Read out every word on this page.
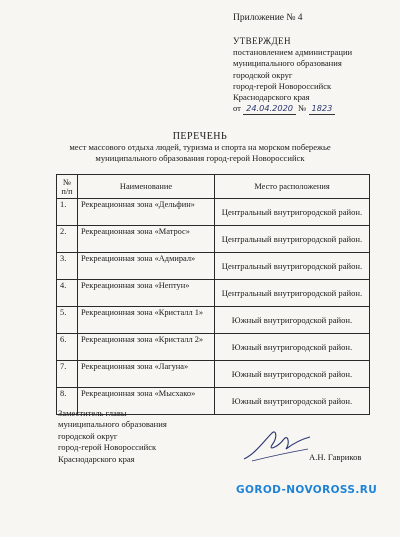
Приложение № 4
УТВЕРЖДЕН
постановлением администрации
муниципального образования
городской округ
город-герой Новороссийск
Краснодарского края
от 24.04.2020 № 1823
ПЕРЕЧЕНЬ
мест массового отдыха людей, туризма и спорта на морском побережье
муниципального образования город-герой Новороссийск
№
п/п	Наименование	Место расположения
1.	Рекреационная зона «Дельфин»	Центральный внутригородской район.
2.	Рекреационная зона «Матрос»	Центральный внутригородской район.
3.	Рекреационная зона «Адмирал»	Центральный внутригородской район.
4.	Рекреационная зона «Нептун»	Центральный внутригородской район.
5.	Рекреационная зона «Кристалл 1»	Южный внутригородской район.
6.	Рекреационная зона «Кристалл 2»	Южный внутригородской район.
7.	Рекреационная зона «Лагуна»	Южный внутригородской район.
8.	Рекреационная зона «Мысхако»	Южный внутригородской район.
Заместитель главы
муниципального образования
городской округ
город-герой Новороссийск
Краснодарского края	А.Н. Гавриков
GOROD-NOVOROSS.RU
